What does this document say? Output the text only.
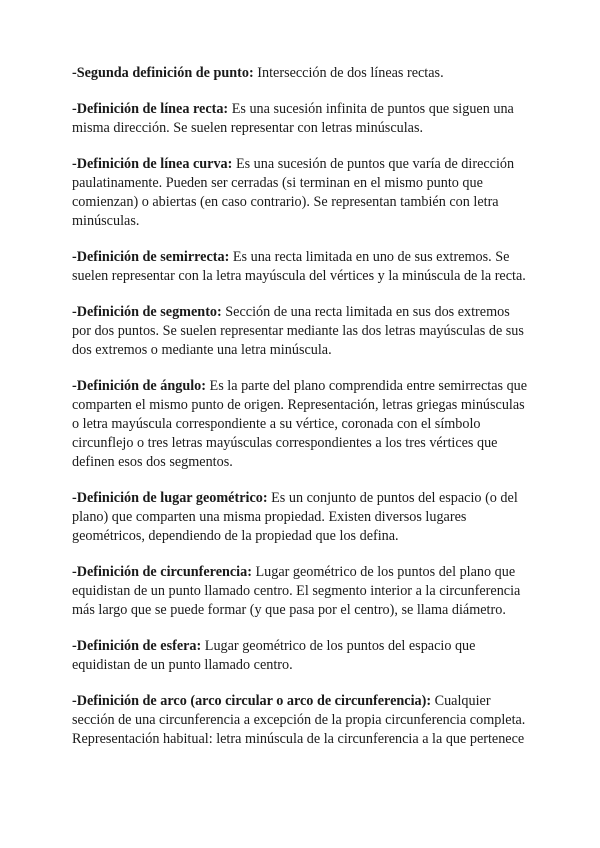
-Segunda definición de punto: Intersección de dos líneas rectas.

-Definición de línea recta: Es una sucesión infinita de puntos que siguen una misma dirección. Se suelen representar con letras minúsculas.

-Definición de línea curva: Es una sucesión de puntos que varía de dirección paulatinamente. Pueden ser cerradas (si terminan en el mismo punto que comienzan) o abiertas (en caso contrario). Se representan también con letra minúsculas.

-Definición de semirrecta: Es una recta limitada en uno de sus extremos. Se suelen representar con la letra mayúscula del vértices y la minúscula de la recta.

-Definición de segmento: Sección de una recta limitada en sus dos extremos por dos puntos. Se suelen representar mediante las dos letras mayúsculas de sus dos extremos o mediante una letra minúscula.

-Definición de ángulo: Es la parte del plano comprendida entre semirrectas que comparten el mismo punto de origen. Representación, letras griegas minúsculas o letra mayúscula correspondiente a su vértice, coronada con el símbolo circunflejo o tres letras mayúsculas correspondientes a los tres vértices que definen esos dos segmentos.

-Definición de lugar geométrico: Es un conjunto de puntos del espacio (o del plano) que comparten una misma propiedad. Existen diversos lugares geométricos, dependiendo de la propiedad que los defina.

-Definición de circunferencia: Lugar geométrico de los puntos del plano que equidistan de un punto llamado centro. El segmento interior a la circunferencia más largo que se puede formar (y que pasa por el centro), se llama diámetro.

-Definición de esfera: Lugar geométrico de los puntos del espacio que equidistan de un punto llamado centro.

-Definición de arco (arco circular o arco de circunferencia): Cualquier sección de una circunferencia a excepción de la propia circunferencia completa. Representación habitual: letra minúscula de la circunferencia a la que pertenece
